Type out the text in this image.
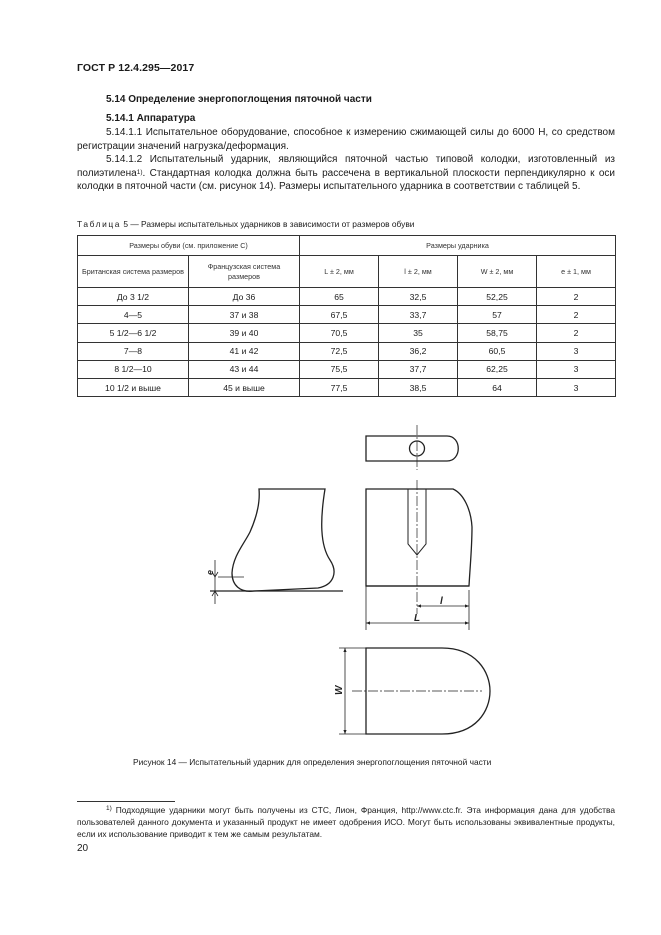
ГОСТ Р 12.4.295—2017
5.14 Определение энергопоглощения пяточной части
5.14.1 Аппаратура
5.14.1.1 Испытательное оборудование, способное к измерению сжимающей силы до 6000 Н, со средством регистрации значений нагрузка/деформация.
5.14.1.2 Испытательный ударник, являющийся пяточной частью типовой колодки, изготовленный из полиэтилена$^{1)}$. Стандартная колодка должна быть рассечена в вертикальной плоскости перпендикулярно к оси колодки в пяточной части (см. рисунок 14). Размеры испытательного ударника в соответствии с таблицей 5.
Таблица 5 — Размеры испытательных ударников в зависимости от размеров обуви
Размеры обуви (см. приложение С)		Размеры ударника			
Британская система размеров	Французская система размеров	L ± 2, мм	l ± 2, мм	W ± 2, мм	e ± 1, мм
До 3 1/2	До 36	65	32,5	52,25	2
4—5	37 и 38	67,5	33,7	57	2
5 1/2—6 1/2	39 и 40	70,5	35	58,75	2
7—8	41 и 42	72,5	36,2	60,5	3
8 1/2—10	43 и 44	75,5	37,7	62,25	3
10 1/2 и выше	45 и выше	77,5	38,5	64	3
e
l
L
W
Рисунок 14 — Испытательный ударник для определения энергопоглощения пяточной части
$^{1)}$ Подходящие ударники могут быть получены из CTC, Лион, Франция, http://www.ctc.fr. Эта информация дана для удобства пользователей данного документа и указанный продукт не имеет одобрения ИСО. Могут быть использованы эквивалентные продукты, если их использование приводит к тем же самым результатам.
20
